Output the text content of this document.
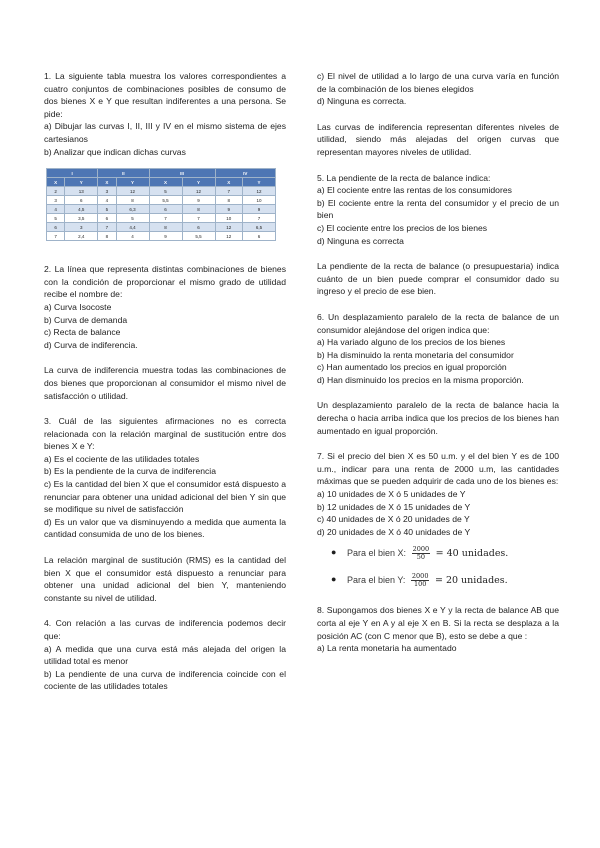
1. La siguiente tabla muestra los valores correspondientes a cuatro conjuntos de combinaciones posibles de consumo de dos bienes X e Y que resultan indiferentes a una persona. Se pide:

a) Dibujar las curvas I, II, III y IV en el mismo sistema de ejes cartesianos

b) Analizar que indican dichas curvas

I		II		III		IV	
X	Y	X	Y	X	Y	X	Y
2	13	3	12	5	12	7	12
3	6	4	8	5,5	9	8	10
4	4,5	5	6,3	6	8	9	9
5	3,5	6	5	7	7	10	7
6	3	7	4,4	8	6	12	6,5
7	2,4	8	4	9	5,5	12	6

2. La línea que representa distintas combinaciones de bienes con la condición de proporcionar el mismo grado de utilidad recibe el nombre de:

a) Curva Isocoste

b) Curva de demanda

c) Recta de balance

d) Curva de indiferencia.

La curva de indiferencia muestra todas las combinaciones de dos bienes que proporcionan al consumidor el mismo nivel de satisfacción o utilidad.

3. Cuál de las siguientes afirmaciones no es correcta relacionada con la relación marginal de sustitución entre dos bienes X e Y:

a) Es el cociente de las utilidades totales

b) Es la pendiente de la curva de indiferencia

c) Es la cantidad del bien X que el consumidor está dispuesto a renunciar para obtener una unidad adicional del bien Y sin que se modifique su nivel de satisfacción

d) Es un valor que va disminuyendo a medida que aumenta la cantidad consumida de uno de los bienes.

La relación marginal de sustitución (RMS) es la cantidad del bien X que el consumidor está dispuesto a renunciar para obtener una unidad adicional del bien Y, manteniendo constante su nivel de utilidad.

4. Con relación a las curvas de indiferencia podemos decir que:

a) A medida que una curva está más alejada del origen la utilidad total es menor

b) La pendiente de una curva de indiferencia coincide con el cociente de las utilidades totales

c) El nivel de utilidad a lo largo de una curva varía en función de la combinación de los bienes elegidos

d) Ninguna es correcta.

Las curvas de indiferencia representan diferentes niveles de utilidad, siendo más alejadas del origen curvas que representan mayores niveles de utilidad.

5. La pendiente de la recta de balance indica:

a) El cociente entre las rentas de los consumidores

b) El cociente entre la renta del consumidor y el precio de un bien

c) El cociente entre los precios de los bienes

d) Ninguna es correcta

La pendiente de la recta de balance (o presupuestaria) indica cuánto de un bien puede comprar el consumidor dado su ingreso y el precio de ese bien.

6. Un desplazamiento paralelo de la recta de balance de un consumidor alejándose del origen indica que:

a) Ha variado alguno de los precios de los bienes

b) Ha disminuido la renta monetaria del consumidor

c) Han aumentado los precios en igual proporción

d) Han disminuido los precios en la misma proporción.

Un desplazamiento paralelo de la recta de balance hacia la derecha o hacia arriba indica que los precios de los bienes han aumentado en igual proporción.

7. Si el precio del bien X es 50 u.m. y el del bien Y es de 100 u.m., indicar para una renta de 2000 u.m, las cantidades máximas que se pueden adquirir de cada uno de los bienes es:

a) 10 unidades de X ó 5 unidades de Y

b) 12 unidades de X ó 15 unidades de Y

c) 40 unidades de X ó 20 unidades de Y

d) 20 unidades de X ó 40 unidades de Y

● Para el bien X: $\frac{2000}{50} = 40$ unidades.
● Para el bien Y: $\frac{2000}{100} = 20$ unidades.

8. Supongamos dos bienes X e Y y la recta de balance AB que corta al eje Y en A y al eje X en B. Si la recta se desplaza a la posición AC (con C menor que B), esto se debe a que :

a) La renta monetaria ha aumentado
